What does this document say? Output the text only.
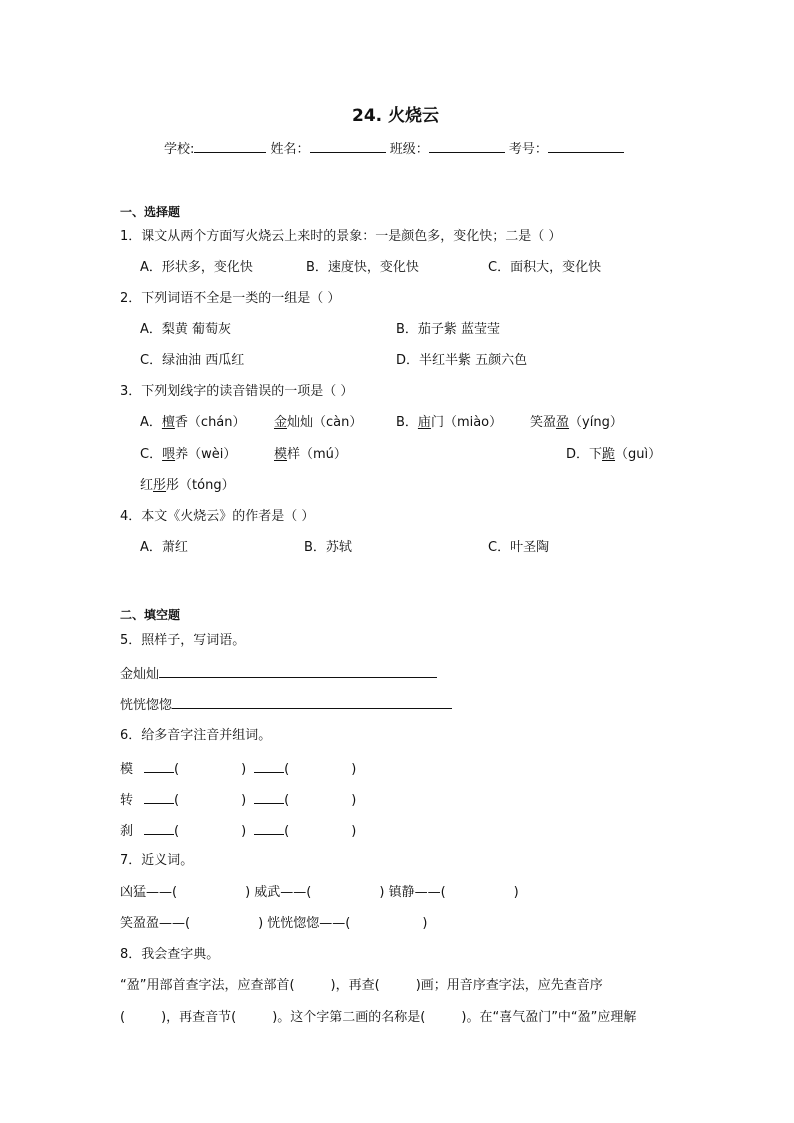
24. 火烧云
学校:	姓名：	班级：	考号：
一、选择题
1．课文从两个方面写火烧云上来时的景象：一是颜色多，变化快；二是（ ）
A．形状多，变化快	B．速度快，变化快	C．面积大，变化快
2．下列词语不全是一类的一组是（ ）
A．梨黄 葡萄灰	B．茄子紫 蓝莹莹
C．绿油油 西瓜红	D．半红半紫 五颜六色
3．下列划线字的读音错误的一项是（ ）
A．檀香（chán） 金灿灿（càn）	B．庙门（miào） 笑盈盈（yíng）
C．喂养（wèi）	模样（mú）	D．下跪（guì）
红彤彤（tóng）
4．本文《火烧云》的作者是（ ）
A．萧红	B．苏轼	C．叶圣陶
二、填空题
5．照样子，写词语。
金灿灿
恍恍惚惚
6．给多音字注音并组词。
模	(	)	(	)
转	(	)	(	)
刹	(	)	(	)
7．近义词。
凶猛——(	) 威武——(	) 镇静——(	)
笑盈盈——(	) 恍恍惚惚——(	)
8．我会查字典。
“盈”用部首查字法，应查部首(	)，再查(	)画；用音序查字法，应先查音序
(	)，再查音节(	)。这个字第二画的名称是(	)。在“喜气盈门”中“盈”应理解
